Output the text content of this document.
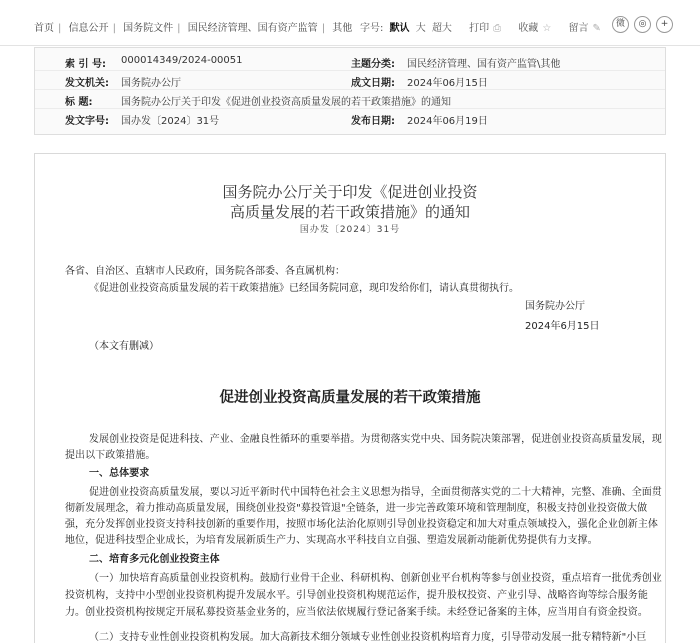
首页 | 信息公开 | 国务院文件 | 国民经济管理、国有资产监管 | 其他 字号: 默认 大 超大 打印 ⎙ 收藏 ☆ 留言 ✎	微	◎	+
索 引 号: 000014349/2024-00051	主题分类: 国民经济管理、国有资产监管\其他
发文机关: 国务院办公厅	成文日期: 2024年06月15日
标 题:	国务院办公厅关于印发《促进创业投资高质量发展的若干政策措施》的通知
发文字号: 国办发〔2024〕31号	发布日期: 2024年06月19日
国务院办公厅关于印发《促进创业投资
高质量发展的若干政策措施》的通知
国办发〔2024〕31号
各省、自治区、直辖市人民政府，国务院各部委、各直属机构：
《促进创业投资高质量发展的若干政策措施》已经国务院同意，现印发给你们，请认真贯彻执行。
国务院办公厅
2024年6月15日
（本文有删减）
促进创业投资高质量发展的若干政策措施
发展创业投资是促进科技、产业、金融良性循环的重要举措。为贯彻落实党中央、国务院决策部署，促进创业投资高质量发展，现
提出以下政策措施。
一、总体要求
促进创业投资高质量发展，要以习近平新时代中国特色社会主义思想为指导，全面贯彻落实党的二十大精神，完整、准确、全面贯
彻新发展理念，着力推动高质量发展，围绕创业投资"募投管退"全链条，进一步完善政策环境和管理制度，积极支持创业投资做大做
强，充分发挥创业投资支持科技创新的重要作用，按照市场化法治化原则引导创业投资稳定和加大对重点领域投入，强化企业创新主体
地位，促进科技型企业成长，为培育发展新质生产力、实现高水平科技自立自强、塑造发展新动能新优势提供有力支撑。
二、培育多元化创业投资主体
（一）加快培育高质量创业投资机构。鼓励行业骨干企业、科研机构、创新创业平台机构等参与创业投资，重点培育一批优秀创业
投资机构，支持中小型创业投资机构提升发展水平。引导创业投资机构规范运作，提升股权投资、产业引导、战略咨询等综合服务能
力。创业投资机构按规定开展私募投资基金业务的，应当依法依规履行登记备案手续。未经登记备案的主体，应当用自有资金投资。
（二）支持专业性创业投资机构发展。加大高新技术细分领域专业性创业投资机构培育力度，引导带动发展一批专精特新"小巨
